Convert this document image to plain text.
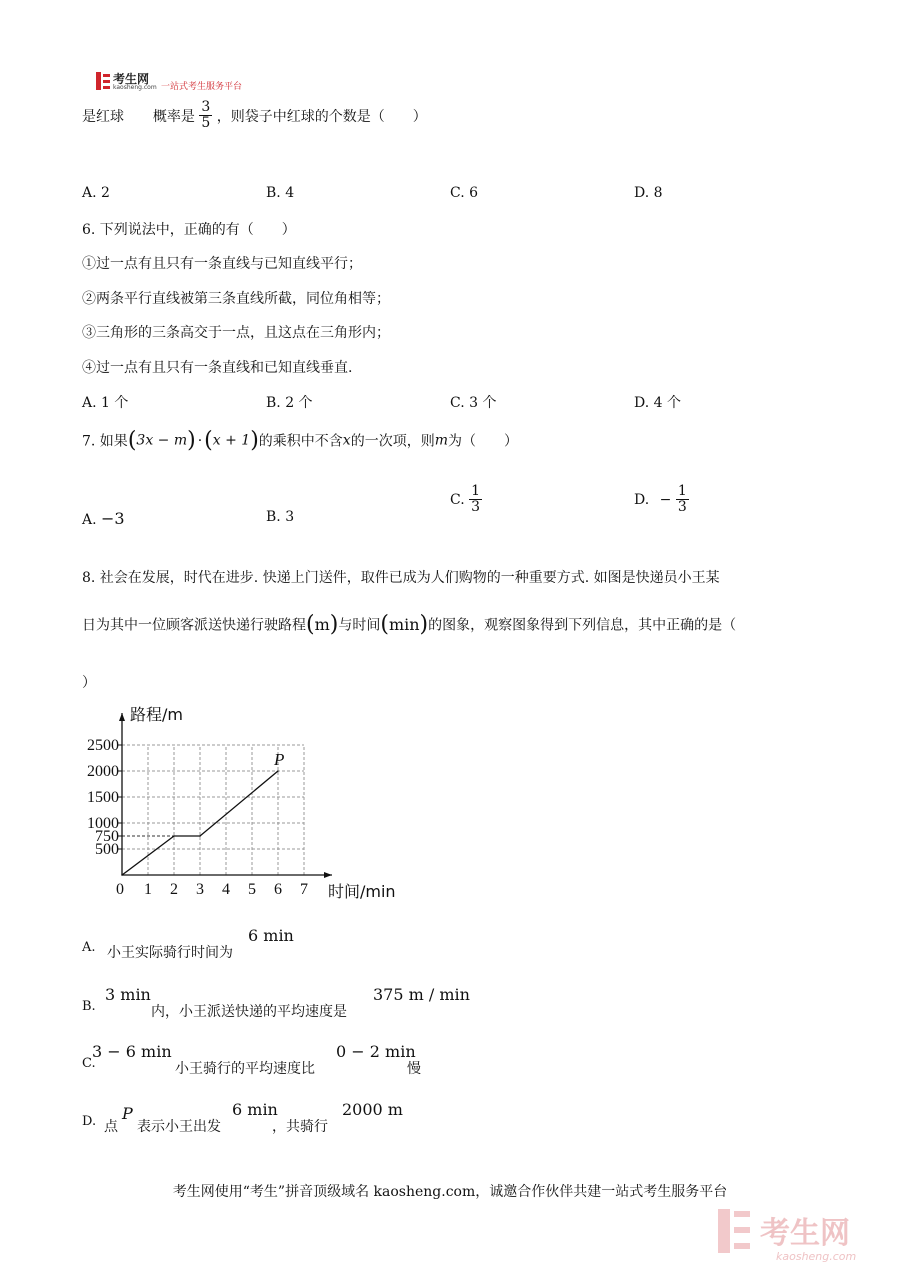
考生网
kaosheng.com 一站式考生服务平台
是红球 概率是 $\frac{3}{5}$ ，则袋子中红球的个数是（　　）
A. 2	B. 4	C. 6	D. 8
6. 下列说法中，正确的有（　　）
①过一点有且只有一条直线与已知直线平行；
②两条平行直线被第三条直线所截，同位角相等；
③三角形的三条高交于一点，且这点在三角形内；
④过一点有且只有一条直线和已知直线垂直.
A. 1 个	B. 2 个	C. 3 个	D. 4 个
7. 如果(3x − m) ·(x + 1)的乘积中不含x的一次项，则m为（　　）
A. −3	B. 3
C. $\frac{1}{3}$	D. − $\frac{1}{3}$
8. 社会在发展，时代在进步. 快递上门送件，取件已成为人们购物的一种重要方式. 如图是快递员小王某
日为其中一位顾客派送快递行驶路程(m)与时间(min)的图象，观察图象得到下列信息，其中正确的是（
）
500
750
1000
1500
2000
2500
0 1 2 3 4 5 6 7
路程/m
时间/min
P
A. 小王实际骑行时间为
6 min
B.
3 min
内，小王派送快递的平均速度是
375 m / min
C.
3 − 6 min
小王骑行的平均速度比
0 − 2 min
慢
D. 点
P
表示小王出发
6 min
，共骑行
2000 m
考生网使用“考生”拼音顶级域名 kaosheng.com，诚邀合作伙伴共建一站式考生服务平台
考生网
kaosheng.com
